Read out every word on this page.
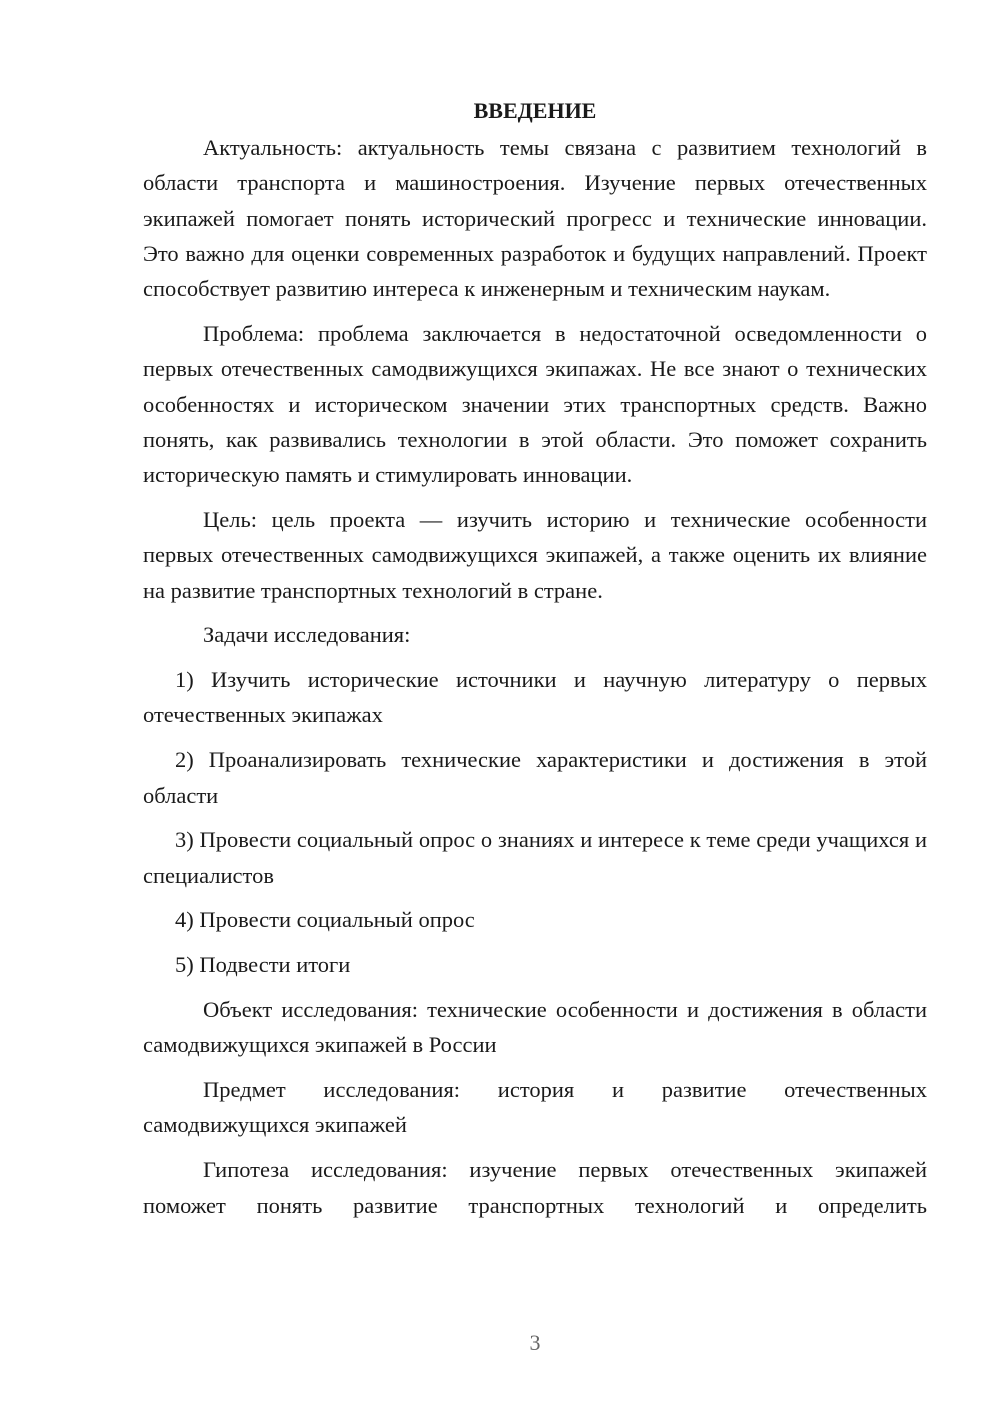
ВВЕДЕНИЕ

Актуальность: актуальность темы связана с развитием технологий в области транспорта и машиностроения. Изучение первых отечественных экипажей помогает понять исторический прогресс и технические инновации. Это важно для оценки современных разработок и будущих направлений. Проект способствует развитию интереса к инженерным и техническим наукам.

Проблема: проблема заключается в недостаточной осведомленности о первых отечественных самодвижущихся экипажах. Не все знают о технических особенностях и историческом значении этих транспортных средств. Важно понять, как развивались технологии в этой области. Это поможет сохранить историческую память и стимулировать инновации.

Цель: цель проекта — изучить историю и технические особенности первых отечественных самодвижущихся экипажей, а также оценить их влияние на развитие транспортных технологий в стране.

Задачи исследования:

1) Изучить исторические источники и научную литературу о первых отечественных экипажах

2) Проанализировать технические характеристики и достижения в этой области

3) Провести социальный опрос о знаниях и интересе к теме среди учащихся и специалистов

4) Провести социальный опрос

5) Подвести итоги

Объект исследования: технические особенности и достижения в области самодвижущихся экипажей в России

Предмет исследования: история и развитие отечественных самодвижущихся экипажей

Гипотеза исследования: изучение первых отечественных экипажей поможет понять развитие транспортных технологий и определить

3
